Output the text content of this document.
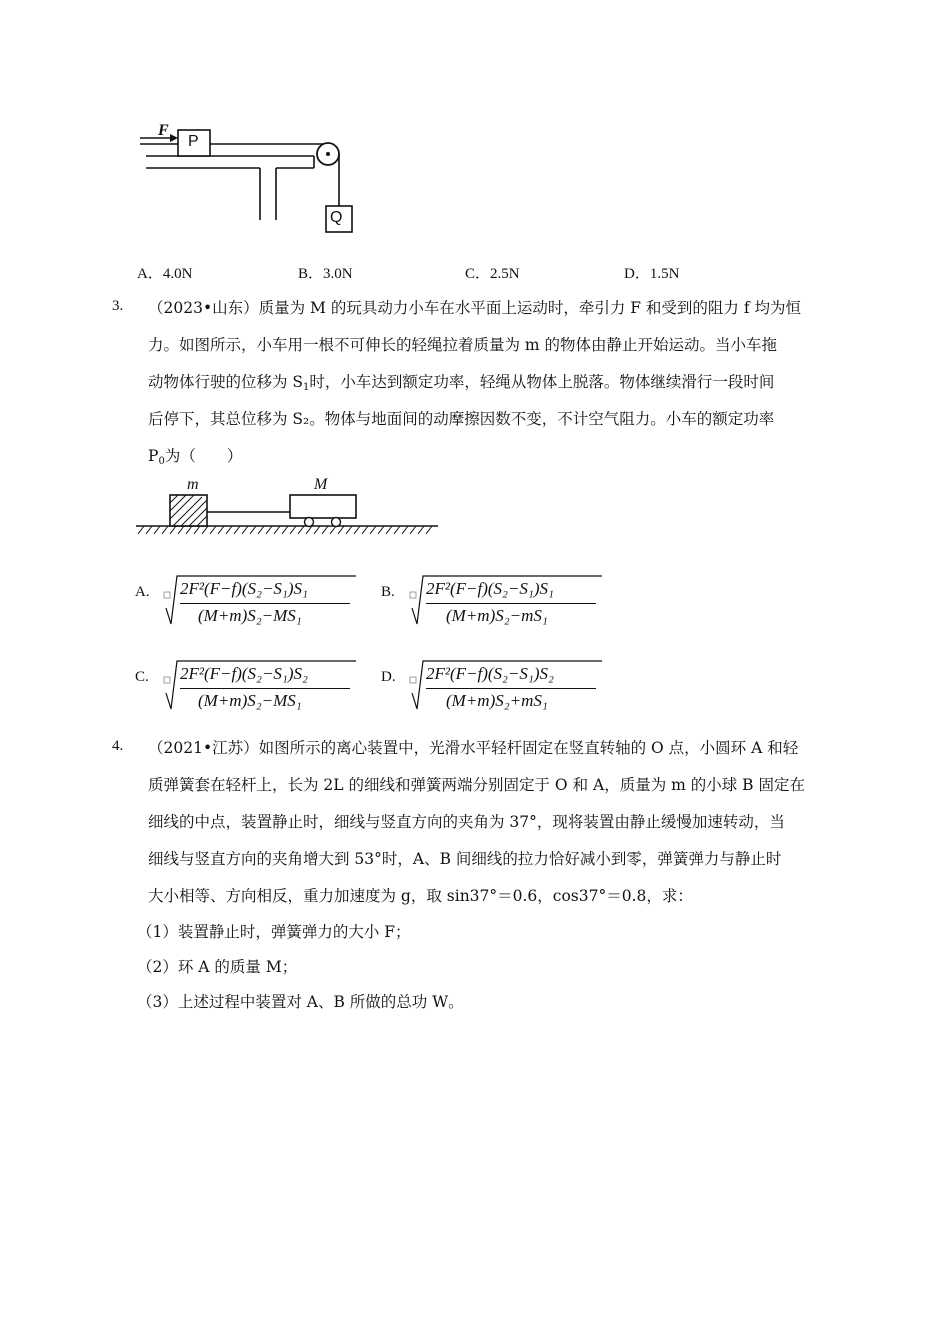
F
P
Q
A．4.0N	B．3.0N	C．2.5N	D．1.5N
3. （2023•山东）质量为 M 的玩具动力小车在水平面上运动时，牵引力 F 和受到的阻力 f 均为恒
力。如图所示，小车用一根不可伸长的轻绳拉着质量为 m 的物体由静止开始运动。当小车拖
动物体行驶的位移为 $S_1$时，小车达到额定功率，轻绳从物体上脱落。物体继续滑行一段时间
后停下，其总位移为 S₂。物体与地面间的动摩擦因数不变，不计空气阻力。小车的额定功率
$P_0$为（　　）
m	M
A. 2F²(F−f)(S₂−S₁)S₁
(M+m)S₂−MS₁
B. 2F²(F−f)(S₂−S₁)S₁
(M+m)S₂−mS₁
C. 2F²(F−f)(S₂−S₁)S₂
(M+m)S₂−MS₁
D. 2F²(F−f)(S₂−S₁)S₂
(M+m)S₂+mS₁
4. （2021•江苏）如图所示的离心装置中，光滑水平轻杆固定在竖直转轴的 O 点，小圆环 A 和轻
质弹簧套在轻杆上，长为 2L 的细线和弹簧两端分别固定于 O 和 A，质量为 m 的小球 B 固定在
细线的中点，装置静止时，细线与竖直方向的夹角为 37°，现将装置由静止缓慢加速转动，当
细线与竖直方向的夹角增大到 53°时，A、B 间细线的拉力恰好减小到零，弹簧弹力与静止时
大小相等、方向相反，重力加速度为 g，取 sin37°＝0.6，cos37°＝0.8，求：
（1）装置静止时，弹簧弹力的大小 F；
（2）环 A 的质量 M；
（3）上述过程中装置对 A、B 所做的总功 W。
